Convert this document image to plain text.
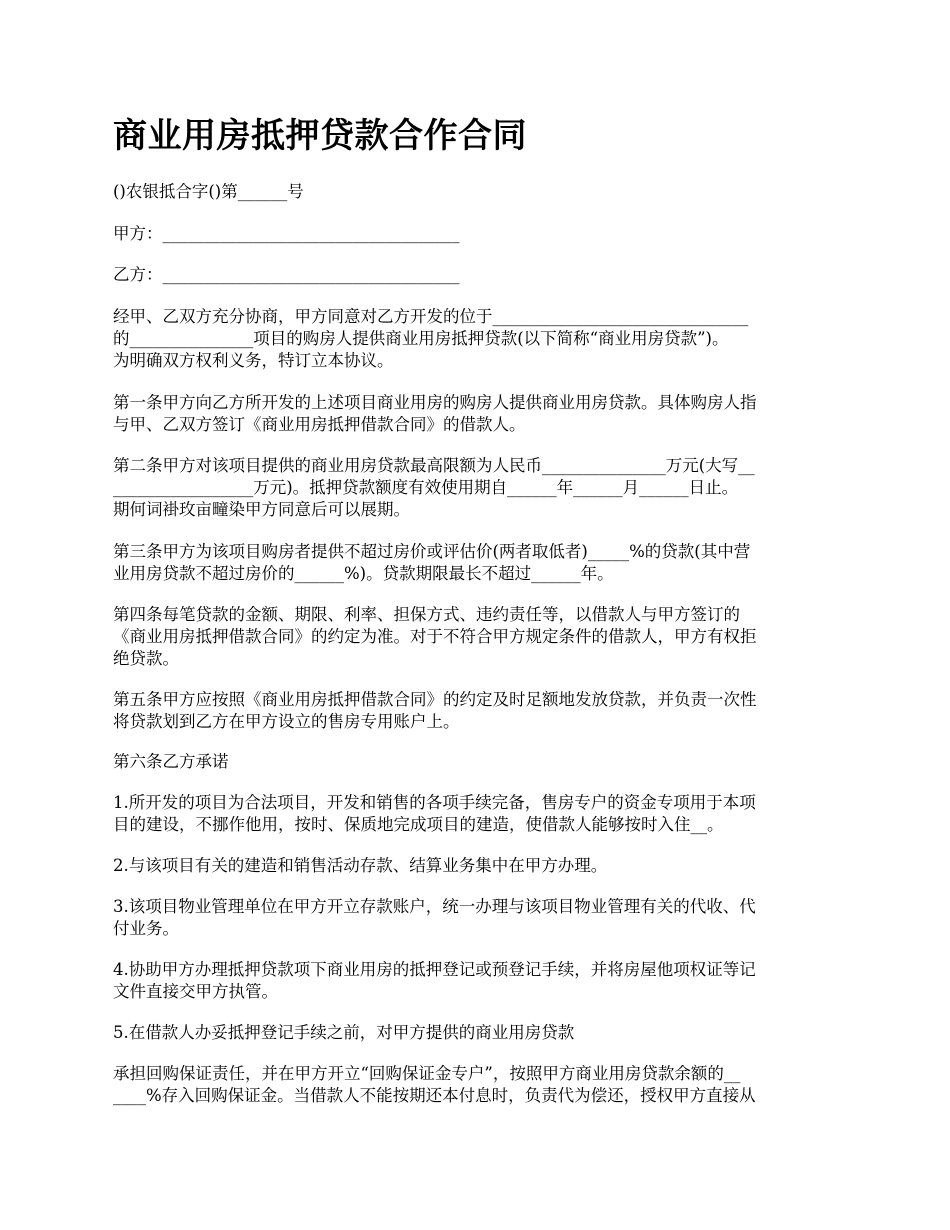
商业用房抵押贷款合作合同

()农银抵合字()第______号

甲方：____________________________________

乙方：____________________________________

经甲、乙双方充分协商，甲方同意对乙方开发的位于_______________________________

的_______________项目的购房人提供商业用房抵押贷款(以下简称“商业用房贷款”)。

为明确双方权利义务，特订立本协议。

第一条甲方向乙方所开发的上述项目商业用房的购房人提供商业用房贷款。具体购房人指

与甲、乙双方签订《商业用房抵押借款合同》的借款人。

第二条甲方对该项目提供的商业用房贷款最高限额为人民币_______________万元(大写__

_________________万元)。抵押贷款额度有效使用期自______年______月______日止。

期何词褂玫亩疃染甲方同意后可以展期。

第三条甲方为该项目购房者提供不超过房价或评估价(两者取低者)_____%的贷款(其中营

业用房贷款不超过房价的______%)。贷款期限最长不超过______年。

第四条每笔贷款的金额、期限、利率、担保方式、违约责任等，以借款人与甲方签订的

《商业用房抵押借款合同》的约定为准。对于不符合甲方规定条件的借款人，甲方有权拒

绝贷款。

第五条甲方应按照《商业用房抵押借款合同》的约定及时足额地发放贷款，并负责一次性

将贷款划到乙方在甲方设立的售房专用账户上。

第六条乙方承诺

1.所开发的项目为合法项目，开发和销售的各项手续完备，售房专户的资金专项用于本项

目的建设，不挪作他用，按时、保质地完成项目的建造，使借款人能够按时入住__。

2.与该项目有关的建造和销售活动存款、结算业务集中在甲方办理。

3.该项目物业管理单位在甲方开立存款账户，统一办理与该项目物业管理有关的代收、代

付业务。

4.协助甲方办理抵押贷款项下商业用房的抵押登记或预登记手续，并将房屋他项权证等记

文件直接交甲方执管。

5.在借款人办妥抵押登记手续之前，对甲方提供的商业用房贷款

承担回购保证责任，并在甲方开立“回购保证金专户”，按照甲方商业用房贷款余额的__

____%存入回购保证金。当借款人不能按期还本付息时，负责代为偿还，授权甲方直接从
